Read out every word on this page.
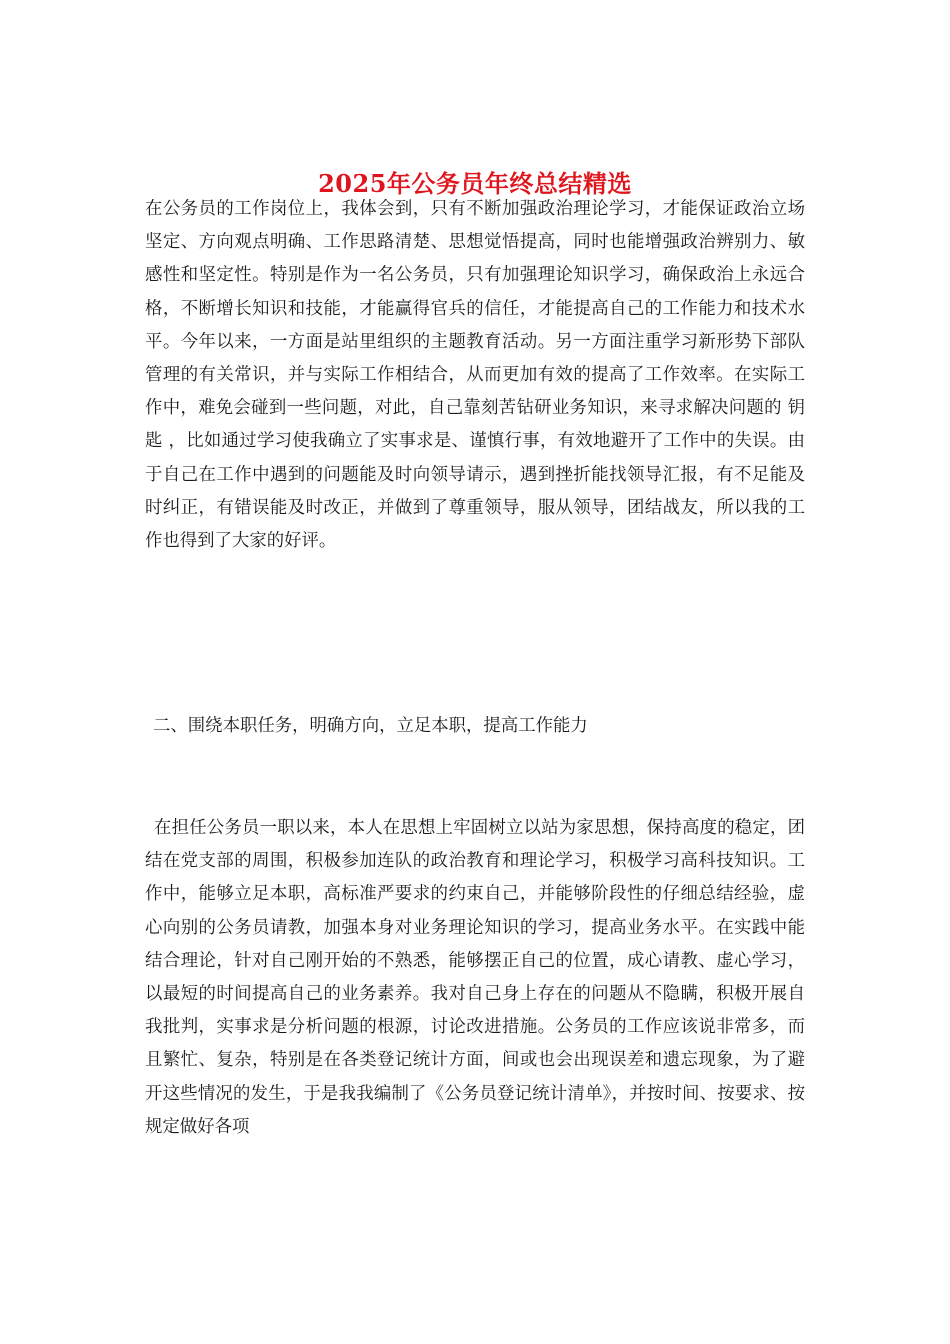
2025年公务员年终总结精选

在公务员的工作岗位上，我体会到，只有不断加强政治理论学习，才能保证政治立场坚定、方向观点明确、工作思路清楚、思想觉悟提高，同时也能增强政治辨别力、敏感性和坚定性。特别是作为一名公务员，只有加强理论知识学习，确保政治上永远合格，不断增长知识和技能，才能赢得官兵的信任，才能提高自己的工作能力和技术水平。今年以来，一方面是站里组织的主题教育活动。另一方面注重学习新形势下部队管理的有关常识，并与实际工作相结合，从而更加有效的提高了工作效率。在实际工作中，难免会碰到一些问题，对此，自己靠刻苦钻研业务知识，来寻求解决问题的 钥匙 ，比如通过学习使我确立了实事求是、谨慎行事，有效地避开了工作中的失误。由于自己在工作中遇到的问题能及时向领导请示，遇到挫折能找领导汇报，有不足能及时纠正，有错误能及时改正，并做到了尊重领导，服从领导，团结战友，所以我的工作也得到了大家的好评。

二、围绕本职任务，明确方向，立足本职，提高工作能力

在担任公务员一职以来，本人在思想上牢固树立以站为家思想，保持高度的稳定，团结在党支部的周围，积极参加连队的政治教育和理论学习，积极学习高科技知识。工作中，能够立足本职，高标准严要求的约束自己，并能够阶段性的仔细总结经验，虚心向别的公务员请教，加强本身对业务理论知识的学习，提高业务水平。在实践中能结合理论，针对自己刚开始的不熟悉，能够摆正自己的位置，成心请教、虚心学习，以最短的时间提高自己的业务素养。我对自己身上存在的问题从不隐瞒，积极开展自我批判，实事求是分析问题的根源，讨论改进措施。公务员的工作应该说非常多，而且繁忙、复杂，特别是在各类登记统计方面，间或也会出现误差和遗忘现象，为了避开这些情况的发生，于是我我编制了《公务员登记统计清单》，并按时间、按要求、按规定做好各项
